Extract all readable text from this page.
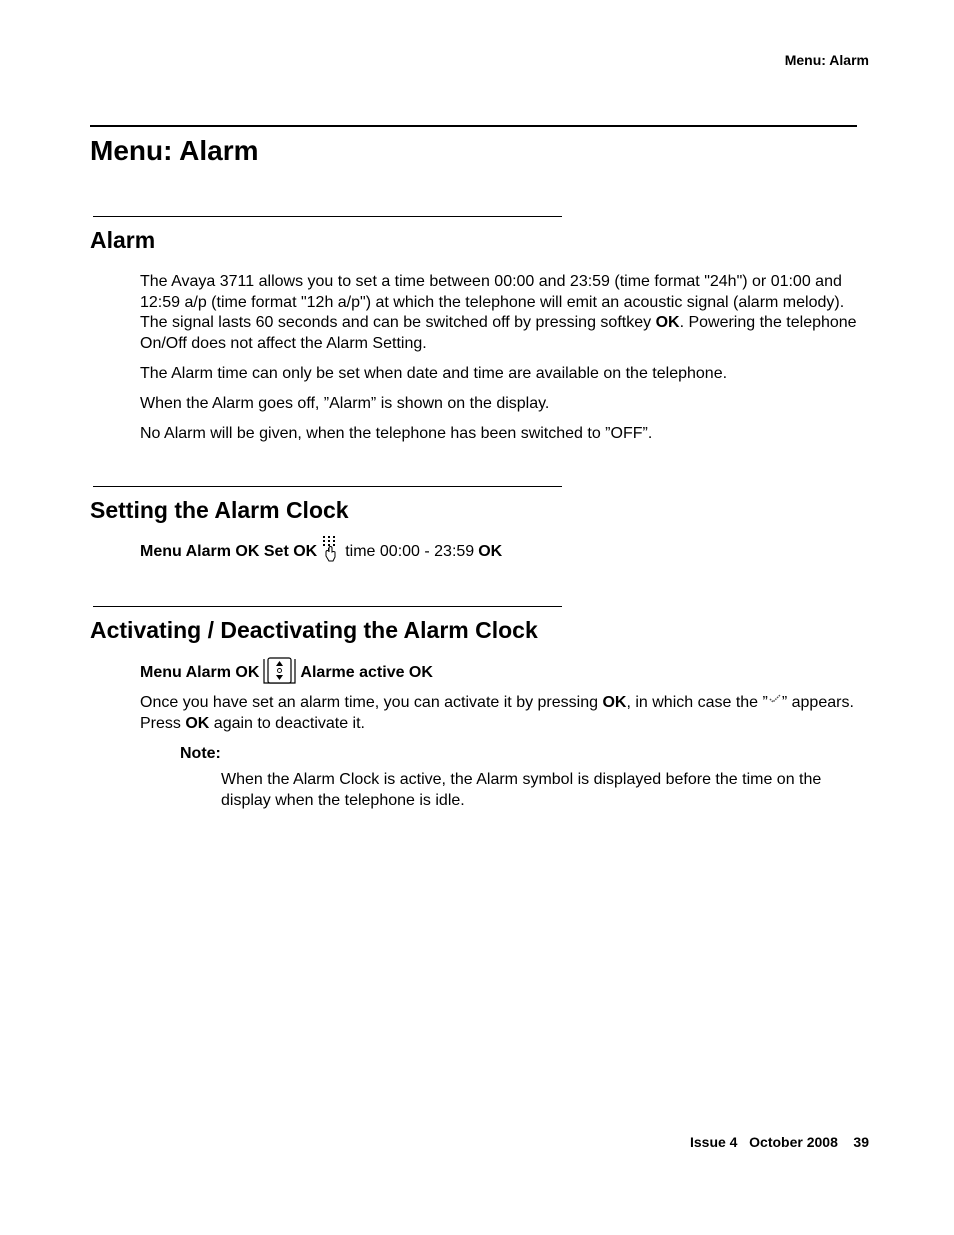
Menu: Alarm
Menu: Alarm
Alarm

The Avaya 3711 allows you to set a time between 00:00 and 23:59 (time format "24h") or 01:00 and 12:59 a/p (time format "12h a/p") at which the telephone will emit an acoustic signal (alarm melody). The signal lasts 60 seconds and can be switched off by pressing softkey OK. Powering the telephone On/Off does not affect the Alarm Setting.

The Alarm time can only be set when date and time are available on the telephone.

When the Alarm goes off, ”Alarm” is shown on the display.

No Alarm will be given, when the telephone has been switched to ”OFF”.

Setting the Alarm Clock
Menu Alarm OK Set OK time 00:00 - 23:59 OK
Activating / Deactivating the Alarm Clock
Menu Alarm OK	Alarme active OK

Once you have set an alarm time, you can activate it by pressing OK, in which case the ” ” appears. Press OK again to deactivate it.

Note:
When the Alarm Clock is active, the Alarm symbol is displayed before the time on the display when the telephone is idle.
Issue 4 October 2008 39
